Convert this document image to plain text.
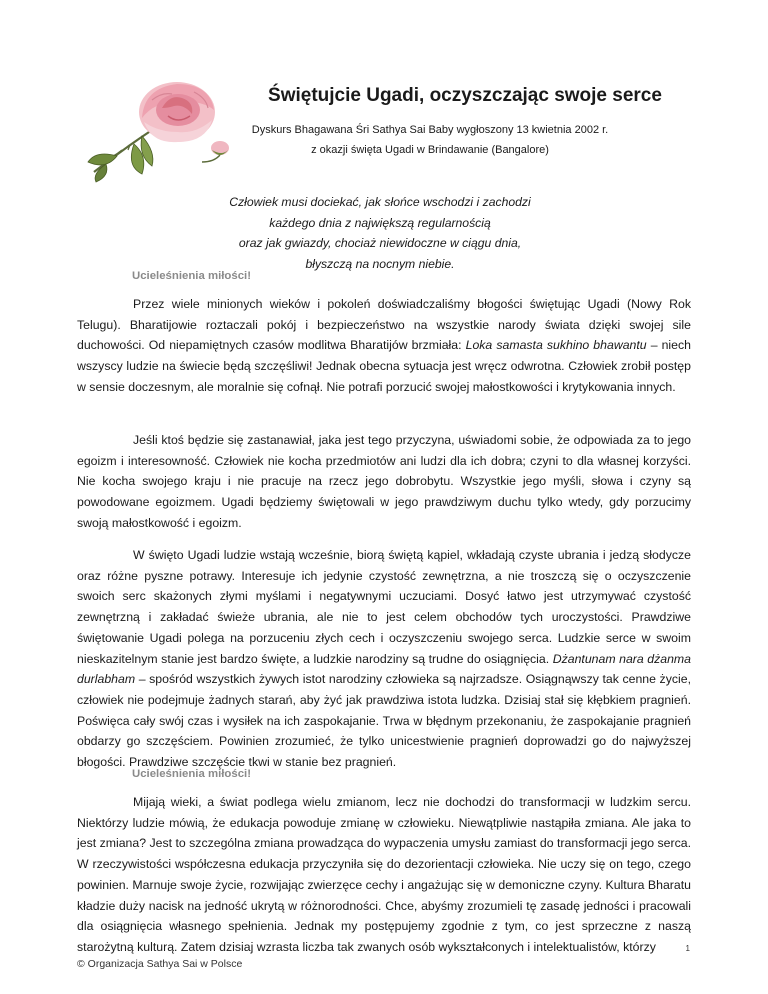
Świętujcie Ugadi, oczyszczając swoje serce
Dyskurs Bhagawana Śri Sathya Sai Baby wygłoszony 13 kwietnia 2002 r.
z okazji święta Ugadi w Brindawanie (Bangalore)
Człowiek musi dociekać, jak słońce wschodzi i zachodzi
każdego dnia z największą regularnością
oraz jak gwiazdy, chociaż niewidoczne w ciągu dnia,
błyszczą na nocnym niebie.
Ucieleśnienia miłości!

Przez wiele minionych wieków i pokoleń doświadczaliśmy błogości świętując Ugadi (Nowy Rok Telugu). Bharatijowie roztaczali pokój i bezpieczeństwo na wszystkie narody świata dzięki swojej sile duchowości. Od niepamiętnych czasów modlitwa Bharatijów brzmiała: Loka samasta sukhino bhawantu – niech wszyscy ludzie na świecie będą szczęśliwi! Jednak obecna sytuacja jest wręcz odwrotna. Człowiek zrobił postęp w sensie doczesnym, ale moralnie się cofnął. Nie potrafi porzucić swojej małostkowości i krytykowania innych.

Jeśli ktoś będzie się zastanawiał, jaka jest tego przyczyna, uświadomi sobie, że odpowiada za to jego egoizm i interesowność. Człowiek nie kocha przedmiotów ani ludzi dla ich dobra; czyni to dla własnej korzyści. Nie kocha swojego kraju i nie pracuje na rzecz jego dobrobytu. Wszystkie jego myśli, słowa i czyny są powodowane egoizmem. Ugadi będziemy świętowali w jego prawdziwym duchu tylko wtedy, gdy porzucimy swoją małostkowość i egoizm.

W święto Ugadi ludzie wstają wcześnie, biorą świętą kąpiel, wkładają czyste ubrania i jedzą słodycze oraz różne pyszne potrawy. Interesuje ich jedynie czystość zewnętrzna, a nie troszczą się o oczyszczenie swoich serc skażonych złymi myślami i negatywnymi uczuciami. Dosyć łatwo jest utrzymywać czystość zewnętrzną i zakładać świeże ubrania, ale nie to jest celem obchodów tych uroczystości. Prawdziwe świętowanie Ugadi polega na porzuceniu złych cech i oczyszczeniu swojego serca. Ludzkie serce w swoim nieskazitelnym stanie jest bardzo święte, a ludzkie narodziny są trudne do osiągnięcia. Dżantunam nara dżanma durlabham – spośród wszystkich żywych istot narodziny człowieka są najrzadsze. Osiągnąwszy tak cenne życie, człowiek nie podejmuje żadnych starań, aby żyć jak prawdziwa istota ludzka. Dzisiaj stał się kłębkiem pragnień. Poświęca cały swój czas i wysiłek na ich zaspokajanie. Trwa w błędnym przekonaniu, że zaspokajanie pragnień obdarzy go szczęściem. Powinien zrozumieć, że tylko unicestwienie pragnień doprowadzi go do najwyższej błogości. Prawdziwe szczęście tkwi w stanie bez pragnień.

Ucieleśnienia miłości!

Mijają wieki, a świat podlega wielu zmianom, lecz nie dochodzi do transformacji w ludzkim sercu. Niektórzy ludzie mówią, że edukacja powoduje zmianę w człowieku. Niewątpliwie nastąpiła zmiana. Ale jaka to jest zmiana? Jest to szczególna zmiana prowadząca do wypaczenia umysłu zamiast do transformacji jego serca. W rzeczywistości współczesna edukacja przyczyniła się do dezorientacji człowieka. Nie uczy się on tego, czego powinien. Marnuje swoje życie, rozwijając zwierzęce cechy i angażując się w demoniczne czyny. Kultura Bharatu kładzie duży nacisk na jedność ukrytą w różnorodności. Chce, abyśmy zrozumieli tę zasadę jedności i pracowali dla osiągnięcia własnego spełnienia. Jednak my postępujemy zgodnie z tym, co jest sprzeczne z naszą starożytną kulturą. Zatem dzisiaj wzrasta liczba tak zwanych osób wykształconych i intelektualistów, którzy	1
© Organizacja Sathya Sai w Polsce
